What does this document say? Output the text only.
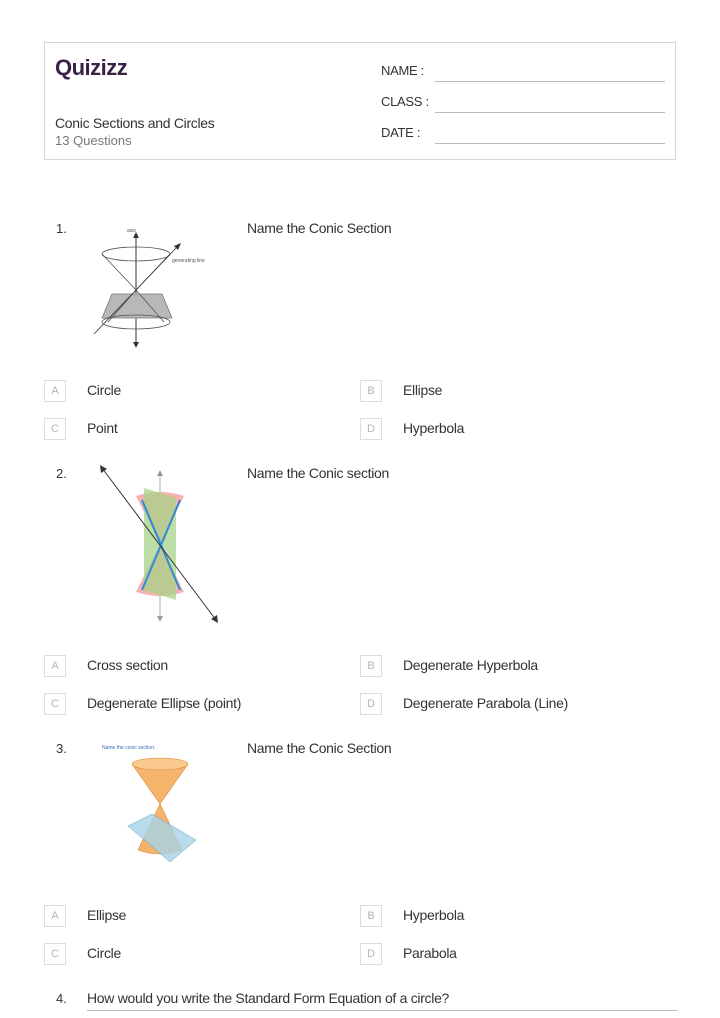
Quizizz
Conic Sections and Circles
13 Questions
NAME :
CLASS :
DATE :
1.	Name the Conic Section
axis
generating line
A	Circle	B	Ellipse
C	Point	D	Hyperbola
2.	Name the Conic section
A	Cross section	B	Degenerate Hyperbola
C	Degenerate Ellipse (point)	D	Degenerate Parabola (Line)
3.	Name the Conic Section
Name the conic section.
A	Ellipse	B	Hyperbola
C	Circle	D	Parabola
4. How would you write the Standard Form Equation of a circle?
